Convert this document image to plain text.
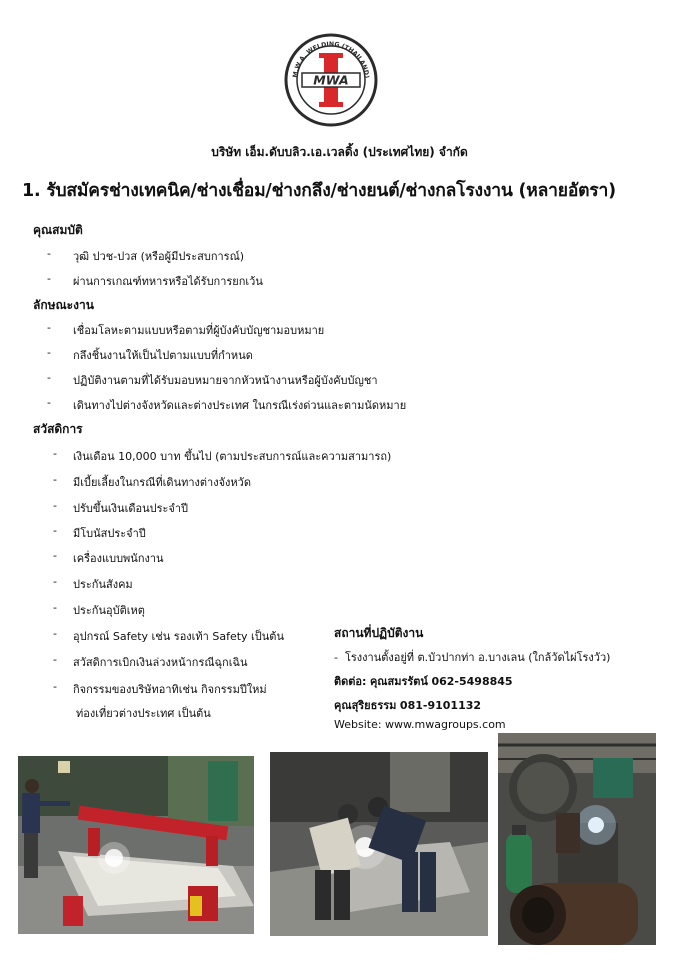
M.W.A. WELDING (THAILAND)
MWA
บริษัท เอ็ม.ดับบลิว.เอ.เวลดิ้ง (ประเทศไทย) จำกัด
1. รับสมัครช่างเทคนิค/ช่างเชื่อม/ช่างกลึง/ช่างยนต์/ช่างกลโรงงาน (หลายอัตรา)
คุณสมบัติ
- วุฒิ ปวช-ปวส (หรือผู้มีประสบการณ์)
- ผ่านการเกณฑ์ทหารหรือได้รับการยกเว้น
ลักษณะงาน
- เชื่อมโลหะตามแบบหรือตามที่ผู้บังคับบัญชามอบหมาย
- กลึงชิ้นงานให้เป็นไปตามแบบที่กำหนด
- ปฏิบัติงานตามที่ได้รับมอบหมายจากหัวหน้างานหรือผู้บังคับบัญชา
- เดินทางไปต่างจังหวัดและต่างประเทศ ในกรณีเร่งด่วนและตามนัดหมาย
สวัสดิการ
- เงินเดือน 10,000 บาท ขึ้นไป (ตามประสบการณ์และความสามารถ)
- มีเบี้ยเลี้ยงในกรณีที่เดินทางต่างจังหวัด
- ปรับขึ้นเงินเดือนประจำปี
- มีโบนัสประจำปี
- เครื่องแบบพนักงาน
- ประกันสังคม
- ประกันอุบัติเหตุ
- อุปกรณ์ Safety เช่น รองเท้า Safety เป็นต้น
- สวัสดิการเบิกเงินล่วงหน้ากรณีฉุกเฉิน
- กิจกรรมของบริษัทอาทิเช่น กิจกรรมปีใหม่
ท่องเที่ยวต่างประเทศ เป็นต้น
สถานที่ปฏิบัติงาน
-  โรงงานตั้งอยู่ที่ ต.บัวปากท่า อ.บางเลน (ใกล้วัดไผ่โรงวัว)
ติดต่อ: คุณสมรรัตน์ 062-5498845
คุณสุริยธรรม 081-9101132
Website: www.mwagroups.com
